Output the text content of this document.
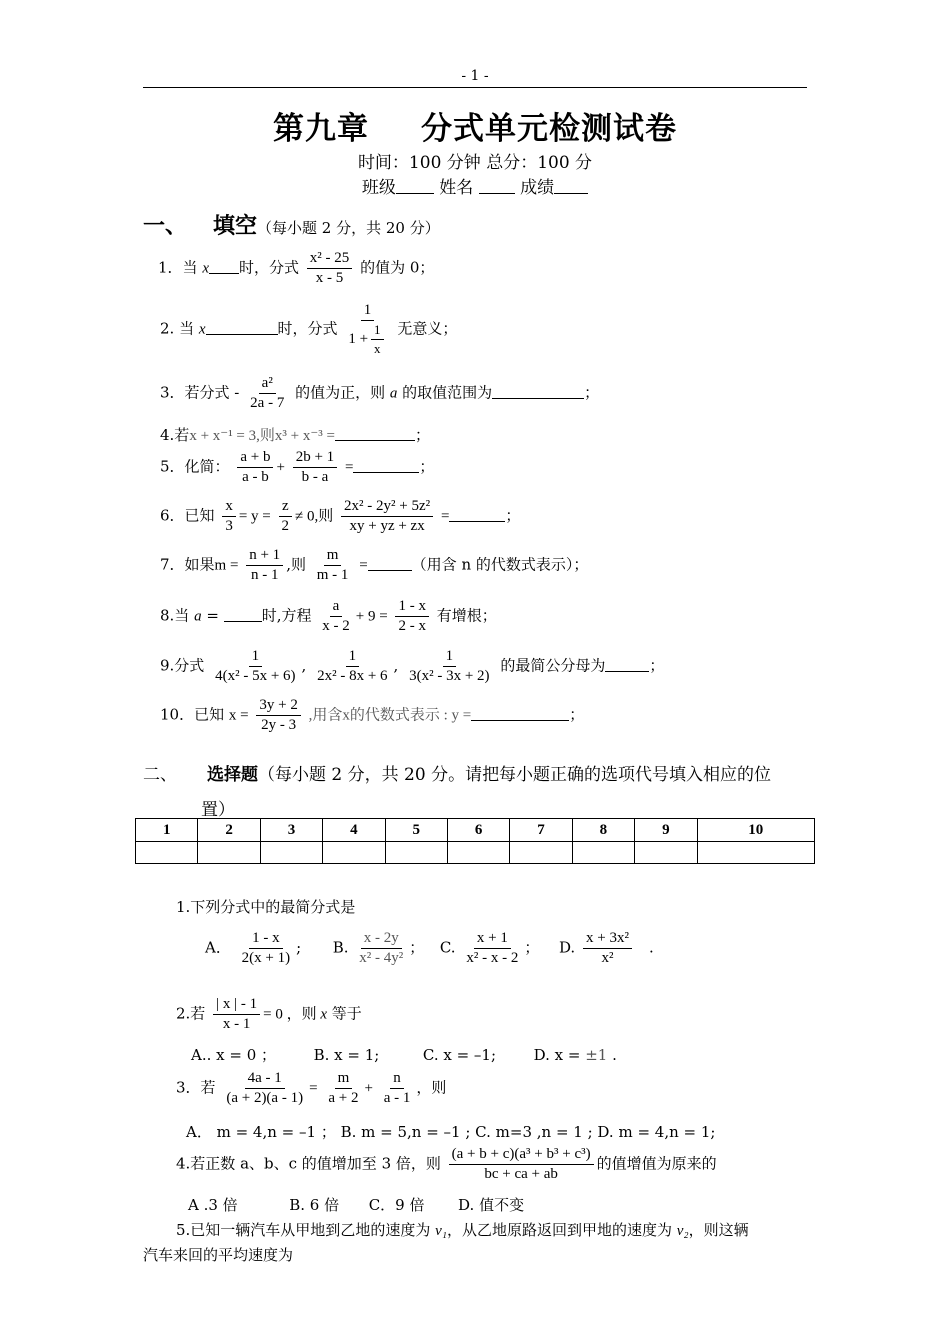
- 1 -
第九章 分式单元检测试卷
时间：100 分钟 总分：100 分
班级	姓名	成绩
一、 填空（每小题 2 分，共 20 分）
1．当 x 时，分式 $\frac{\text{x² - 25}}{x - 5}$ 的值为 0；
2. 当 x	时，分式 $\frac{1}{1 + \frac{1}{x}}$ 无意义；
3．若分式 - $\frac{\text{a²}}{2a - 7}$ 的值为正，则 a 的取值范围为	；
4.若x + x⁻¹ = 3,则x³ + x⁻³ =	；
5．化简： $\frac{a + b}{a - b} + \frac{2b + 1}{b - a}$ =	；
6．已知 $\frac{x}{3} = y = \frac{z}{2} \ne 0$,则 $\frac{\text{2x² - 2y² + 5z²}}{xy + yz + zx}$ =	；
7．如果$m = \frac{n + 1}{n - 1}$ ,则 $\frac{m}{m - 1}$ =	（用含 n 的代数式表示）；
8.当 a =	时,方程 $\frac{a}{x - 2} + 9 = \frac{1 - x}{2 - x}$ 有增根；
9.分式 $\frac{1}{\text{4(x² - 5x + 6)}}$ , $\frac{1}{\text{2x² - 8x + 6}}$ , $\frac{1}{\text{3(x² - 3x + 2)}}$ 的最简公分母为	；
10．已知 $x = \frac{3y + 2}{2y - 3}$ ,用含x的代数式表示 : y =	；
二、 选择题（每小题 2 分，共 20 分。请把每小题正确的选项代号填入相应的位
置）
1	2	3	4	5	6	7	8	9	10

1.下列分式中的最简分式是
A． $\frac{1 - x}{2(x + 1)}$ ; B. $\frac{x - 2y}{\text{x² - 4y²}}$ ； C. $\frac{x + 1}{\text{x² - x - 2}}$ ； D. $\frac{\text{x + 3x²}}{\text{x²}}$ .
2.若 $\frac{| x | - 1}{x - 1} = 0$ ，则 x 等于
A.. x = 0 ；	B. x = 1;	C. x = –1;	D. x = ±1 .
3．若 $\frac{4a - 1}{(a + 2)(a - 1)} = \frac{m}{a + 2} + \frac{n}{a - 1}$ ，则
A． m = 4,n = –1 ； B. m = 5,n = –1 ; C. m=3 ,n = 1 ; D. m = 4,n = 1;
4.若正数 a、b、c 的值增加至 3 倍，则 $\frac{\text{(a + b + c)(a³ + b³ + c³)}}{bc + ca + ab}$ 的值增值为原来的
A .3 倍	B. 6 倍 C．9 倍 D. 值不变
5.已知一辆汽车从甲地到乙地的速度为 v₁，从乙地原路返回到甲地的速度为 v₂，则这辆
汽车来回的平均速度为
